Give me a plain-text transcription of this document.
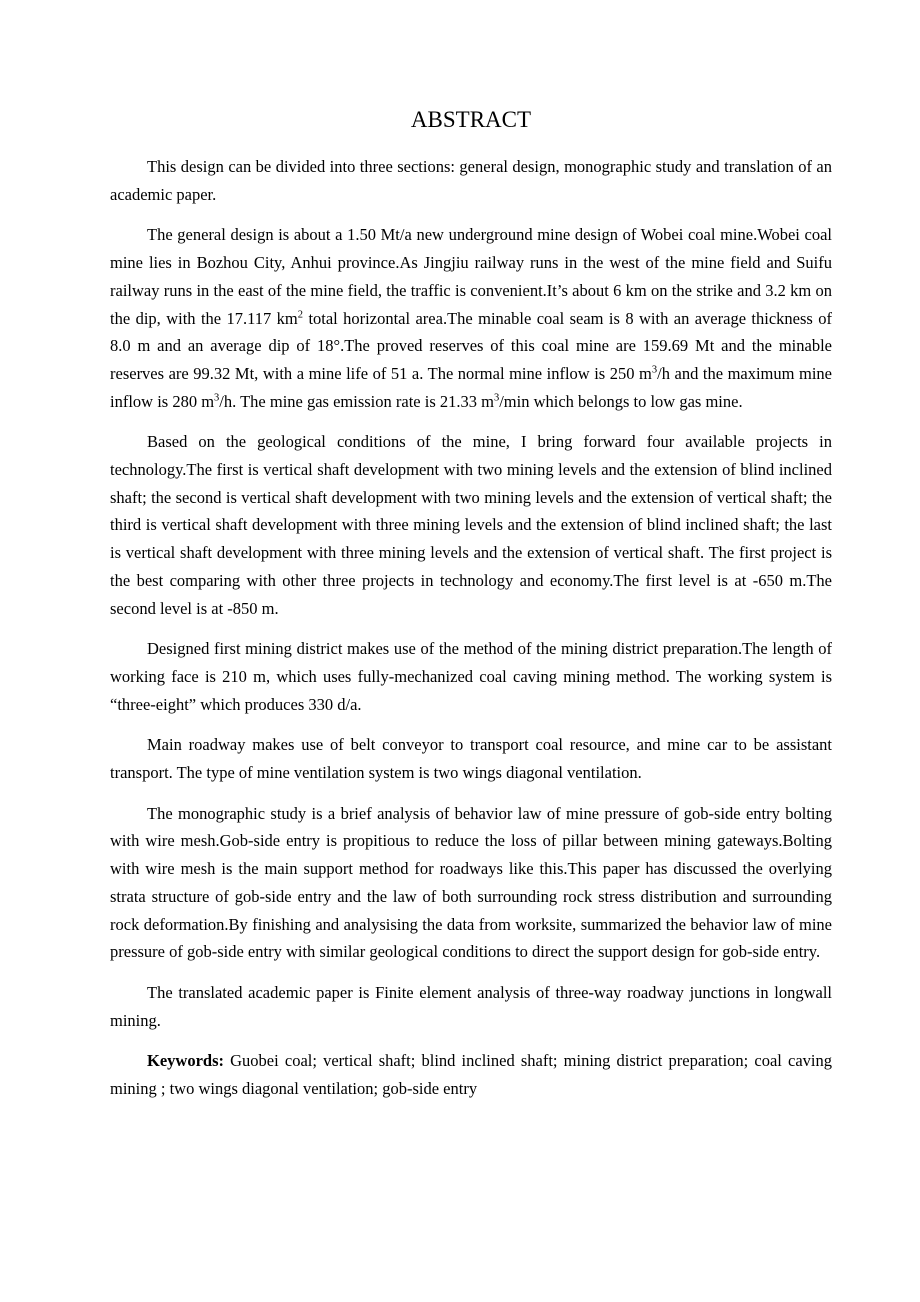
ABSTRACT

This design can be divided into three sections: general design, monographic study and translation of an academic paper.

The general design is about a 1.50 Mt/a new underground mine design of Wobei coal mine.Wobei coal mine lies in Bozhou City, Anhui province.As Jingjiu railway runs in the west of the mine field and Suifu railway runs in the east of the mine field, the traffic is convenient.It’s about 6 km on the strike and 3.2 km on the dip, with the 17.117 $km^2$ total horizontal area.The minable coal seam is 8 with an average thickness of 8.0 m and an average dip of 18°.The proved reserves of this coal mine are 159.69 Mt and the minable reserves are 99.32 Mt, with a mine life of 51 a. The normal mine inflow is 250 $m^3/h$ and the maximum mine inflow is 280 $m^3/h$. The mine gas emission rate is 21.33 $m^3/\min$ which belongs to low gas mine.

Based on the geological conditions of the mine, I bring forward four available projects in technology.The first is vertical shaft development with two mining levels and the extension of blind inclined shaft; the second is vertical shaft development with two mining levels and the extension of vertical shaft; the third is vertical shaft development with three mining levels and the extension of blind inclined shaft; the last is vertical shaft development with three mining levels and the extension of vertical shaft. The first project is the best comparing with other three projects in technology and economy.The first level is at -650 m.The second level is at -850 m.

Designed first mining district makes use of the method of the mining district preparation.The length of working face is 210 m, which uses fully-mechanized coal caving mining method. The working system is “three-eight” which produces 330 d/a.

Main roadway makes use of belt conveyor to transport coal resource, and mine car to be assistant transport. The type of mine ventilation system is two wings diagonal ventilation.

The monographic study is a brief analysis of behavior law of mine pressure of gob-side entry bolting with wire mesh.Gob-side entry is propitious to reduce the loss of pillar between mining gateways.Bolting with wire mesh is the main support method for roadways like this.This paper has discussed the overlying strata structure of gob-side entry and the law of both surrounding rock stress distribution and surrounding rock deformation.By finishing and analysising the data from worksite, summarized the behavior law of mine pressure of gob-side entry with similar geological conditions to direct the support design for gob-side entry.

The translated academic paper is Finite element analysis of three-way roadway junctions in longwall mining.

Keywords: Guobei coal; vertical shaft; blind inclined shaft; mining district preparation; coal caving mining ; two wings diagonal ventilation; gob-side entry
